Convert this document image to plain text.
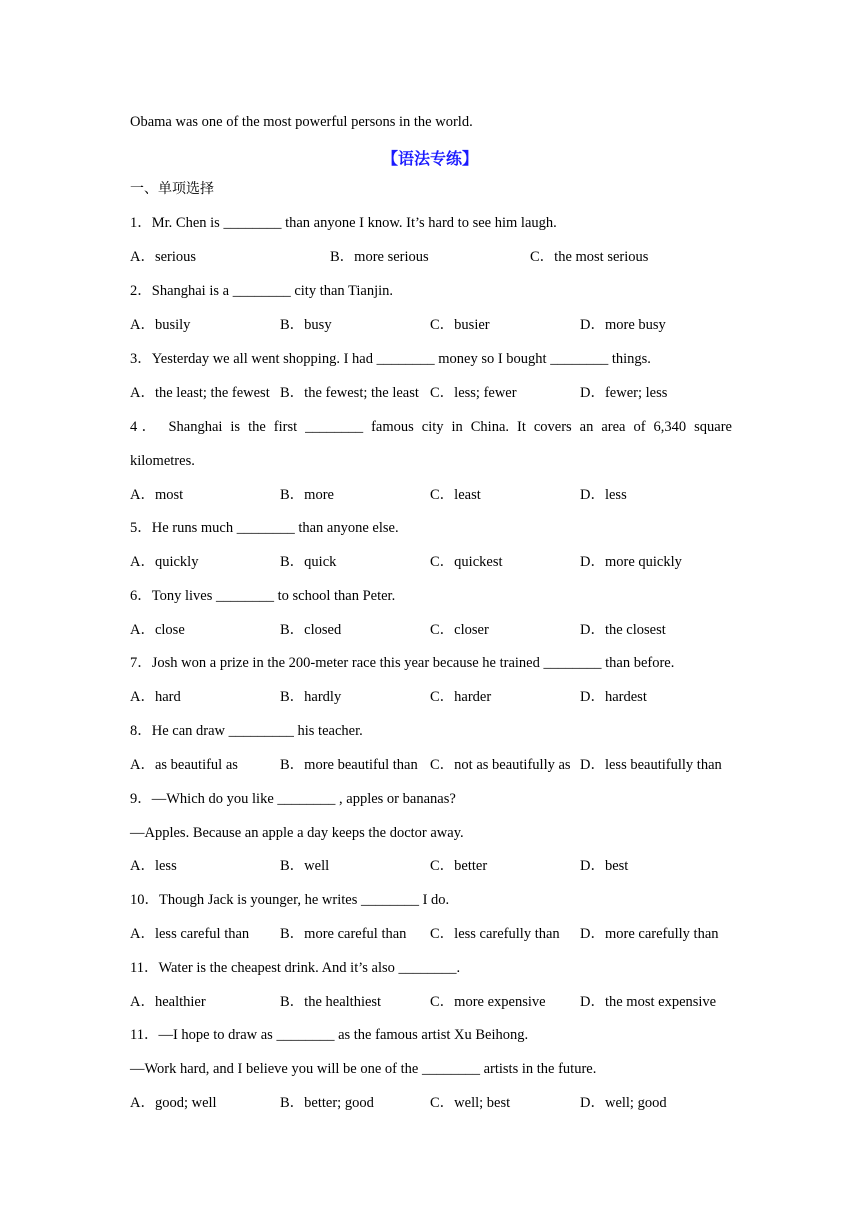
Obama was one of the most powerful persons in the world.
【语法专练】
一、单项选择
1．Mr. Chen is ________ than anyone I know. It’s hard to see him laugh.
A．serious	B．more serious	C．the most serious
2．Shanghai is a ________ city than Tianjin.
A．busily	B．busy	C．busier	D．more busy
3．Yesterday we all went shopping. I had ________ money so I bought ________ things.
A．the least; the fewest B．the fewest; the least C．less; fewer	D．fewer; less
4． Shanghai is the first ________ famous city in China. It covers an area of 6,340 square
kilometres.
A．most	B．more	C．least	D．less
5．He runs much ________ than anyone else.
A．quickly	B．quick	C．quickest	D．more quickly
6．Tony lives ________ to school than Peter.
A．close	B．closed	C．closer	D．the closest
7．Josh won a prize in the 200-meter race this year because he trained ________ than before.
A．hard	B．hardly	C．harder	D．hardest
8．He can draw _________ his teacher.
A．as beautiful as	B．more beautiful than C．not as beautifully as D．less beautifully than
9．—Which do you like ________ , apples or bananas?
—Apples. Because an apple a day keeps the doctor away.
A．less	B．well	C．better	D．best
10．Though Jack is younger, he writes ________ I do.
A．less careful than B．more careful than C．less carefully than D．more carefully than
11．Water is the cheapest drink. And it’s also ________.
A．healthier	B．the healthiest	C．more expensive D．the most expensive
11．—I hope to draw as ________ as the famous artist Xu Beihong.
—Work hard, and I believe you will be one of the ________ artists in the future.
A．good; well	B．better; good	C．well; best	D．well; good
